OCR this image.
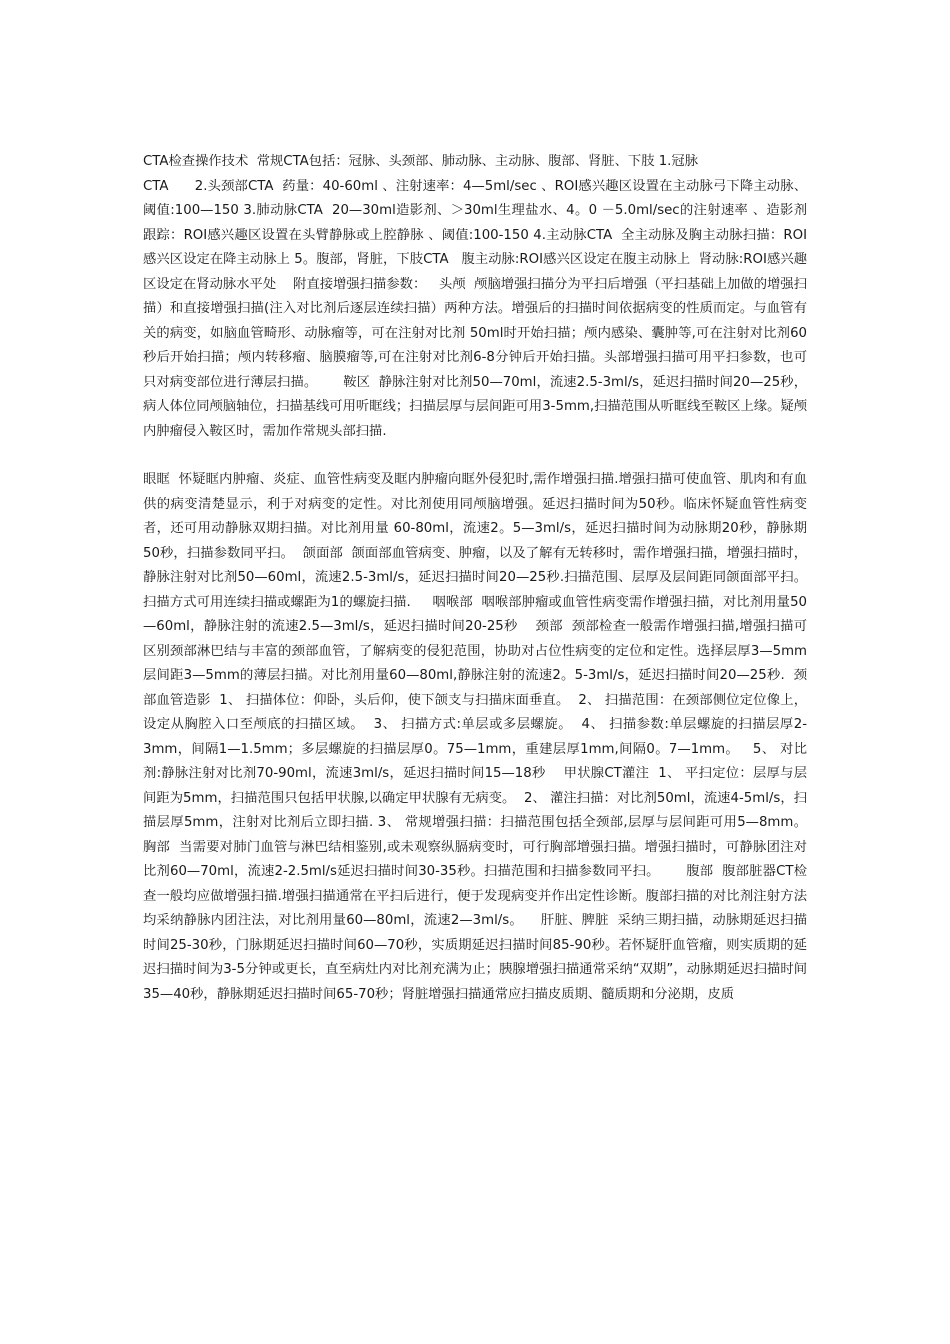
CTA检查操作技术  常规CTA包括：冠脉、头颈部、肺动脉、主动脉、腹部、肾脏、下肢 1.冠脉

CTA      2.头颈部CTA  药量：40-60ml 、注射速率：4—5ml/sec 、ROI感兴趣区设置在主动脉弓下降主动脉、阈值:100—150 3.肺动脉CTA  20—30ml造影剂、＞30ml生理盐水、4。0 －5.0ml/sec的注射速率 、造影剂跟踪：ROI感兴趣区设置在头臂静脉或上腔静脉 、阈值:100-150 4.主动脉CTA  全主动脉及胸主动脉扫描：ROI感兴区设定在降主动脉上 5。腹部，肾脏，下肢CTA   腹主动脉:ROI感兴区设定在腹主动脉上  肾动脉:ROI感兴趣区设定在肾动脉水平处    附直接增强扫描参数：   头颅  颅脑增强扫描分为平扫后增强（平扫基础上加做的增强扫描）和直接增强扫描(注入对比剂后逐层连续扫描）两种方法。增强后的扫描时间依据病变的性质而定。与血管有关的病变，如脑血管畸形、动脉瘤等，可在注射对比剂 50ml时开始扫描；颅内感染、囊肿等,可在注射对比剂60秒后开始扫描；颅内转移瘤、脑膜瘤等,可在注射对比剂6-8分钟后开始扫描。头部增强扫描可用平扫参数，也可只对病变部位进行薄层扫描。      鞍区  静脉注射对比剂50—70ml，流速2.5-3ml/s，延迟扫描时间20—25秒，病人体位同颅脑轴位，扫描基线可用听眶线；扫描层厚与层间距可用3-5mm,扫描范围从听眶线至鞍区上缘。疑颅内肿瘤侵入鞍区时，需加作常规头部扫描.

眼眶  怀疑眶内肿瘤、炎症、血管性病变及眶内肿瘤向眶外侵犯时,需作增强扫描.增强扫描可使血管、肌肉和有血供的病变清楚显示，利于对病变的定性。对比剂使用同颅脑增强。延迟扫描时间为50秒。临床怀疑血管性病变者，还可用动静脉双期扫描。对比剂用量 60-80ml，流速2。5—3ml/s，延迟扫描时间为动脉期20秒，静脉期50秒，扫描参数同平扫。  颌面部  颌面部血管病变、肿瘤，以及了解有无转移时，需作增强扫描，增强扫描时，静脉注射对比剂50—60ml，流速2.5-3ml/s，延迟扫描时间20—25秒.扫描范围、层厚及层间距同颌面部平扫。扫描方式可用连续扫描或螺距为1的螺旋扫描.     咽喉部  咽喉部肿瘤或血管性病变需作增强扫描，对比剂用量50—60ml，静脉注射的流速2.5—3ml/s，延迟扫描时间20-25秒    颈部  颈部检查一般需作增强扫描,增强扫描可区别颈部淋巴结与丰富的颈部血管，了解病变的侵犯范围，协助对占位性病变的定位和定性。选择层厚3—5mm层间距3—5mm的薄层扫描。对比剂用量60—80ml,静脉注射的流速2。5-3ml/s，延迟扫描时间20—25秒.  颈部血管造影  1、 扫描体位：仰卧，头后仰，使下颌支与扫描床面垂直。  2、 扫描范围：在颈部侧位定位像上，设定从胸腔入口至颅底的扫描区域。  3、 扫描方式:单层或多层螺旋。  4、 扫描参数:单层螺旋的扫描层厚2-3mm，间隔1—1.5mm；多层螺旋的扫描层厚0。75—1mm，重建层厚1mm,间隔0。7—1mm。   5、 对比剂:静脉注射对比剂70-90ml，流速3ml/s，延迟扫描时间15—18秒    甲状腺CT灌注  1、 平扫定位：层厚与层间距为5mm，扫描范围只包括甲状腺,以确定甲状腺有无病变。  2、 灌注扫描：对比剂50ml，流速4-5ml/s，扫描层厚5mm，注射对比剂后立即扫描. 3、 常规增强扫描：扫描范围包括全颈部,层厚与层间距可用5—8mm。    胸部  当需要对肺门血管与淋巴结相鉴别,或未观察纵膈病变时，可行胸部增强扫描。增强扫描时，可静脉团注对比剂60—70ml，流速2-2.5ml/s延迟扫描时间30-35秒。扫描范围和扫描参数同平扫。      腹部  腹部脏器CT检查一般均应做增强扫描.增强扫描通常在平扫后进行，便于发现病变并作出定性诊断。腹部扫描的对比剂注射方法均采纳静脉内团注法，对比剂用量60—80ml，流速2—3ml/s。    肝脏、脾脏  采纳三期扫描，动脉期延迟扫描时间25-30秒，门脉期延迟扫描时间60—70秒，实质期延迟扫描时间85-90秒。若怀疑肝血管瘤，则实质期的延迟扫描时间为3-5分钟或更长，直至病灶内对比剂充满为止；胰腺增强扫描通常采纳“双期”，动脉期延迟扫描时间 35—40秒，静脉期延迟扫描时间65-70秒；肾脏增强扫描通常应扫描皮质期、髓质期和分泌期，皮质
